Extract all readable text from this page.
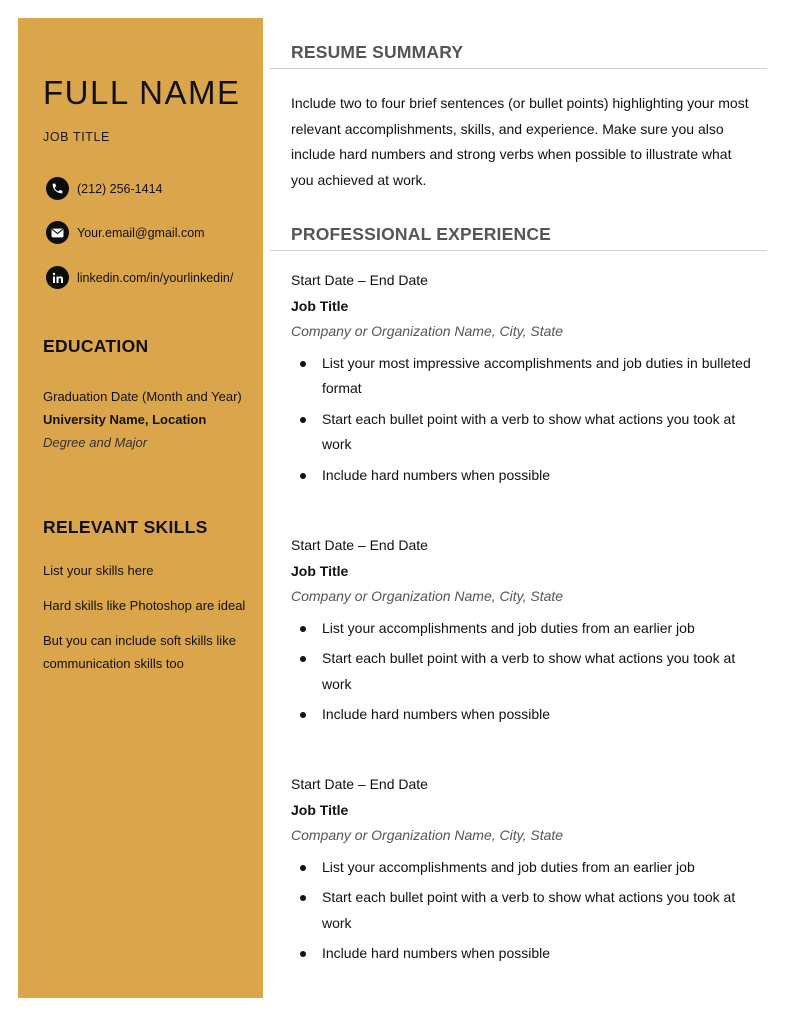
FULL NAME
JOB TITLE
(212) 256-1414
Your.email@gmail.com
linkedin.com/in/yourlinkedin/
EDUCATION
Graduation Date (Month and Year)
University Name, Location
Degree and Major
RELEVANT SKILLS
List your skills here
Hard skills like Photoshop are ideal
But you can include soft skills like communication skills too
RESUME SUMMARY

Include two to four brief sentences (or bullet points) highlighting your most relevant accomplishments, skills, and experience. Make sure you also include hard numbers and strong verbs when possible to illustrate what you achieved at work.

PROFESSIONAL EXPERIENCE
Start Date – End Date
Job Title
Company or Organization Name, City, State
List your most impressive accomplishments and job duties in bulleted format
Start each bullet point with a verb to show what actions you took at work
Include hard numbers when possible
Start Date – End Date
Job Title
Company or Organization Name, City, State
List your accomplishments and job duties from an earlier job
Start each bullet point with a verb to show what actions you took at work
Include hard numbers when possible
Start Date – End Date
Job Title
Company or Organization Name, City, State
List your accomplishments and job duties from an earlier job
Start each bullet point with a verb to show what actions you took at work
Include hard numbers when possible
